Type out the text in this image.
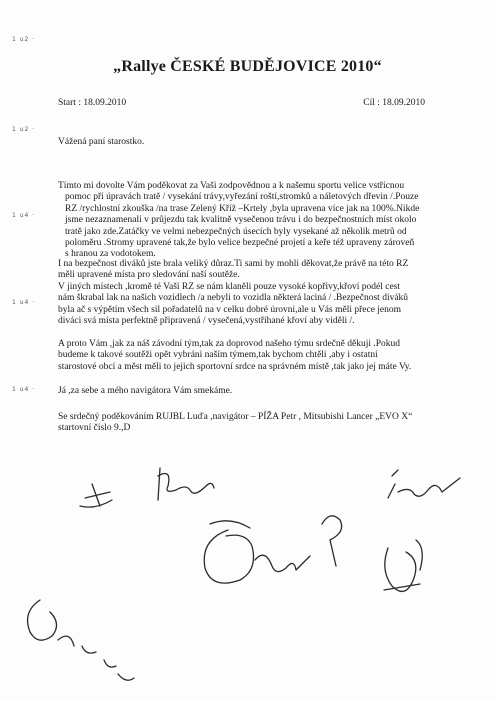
1 u2 ·
1 u2 ·
1 u4 ·
1 u4 ·
1 u4 ·
„Rallye ČESKÉ BUDĚJOVICE 2010“
Start : 18.09.2010	Cíl : 18.09.2010
Vážená paní starostko.
Tímto mi dovolte Vám poděkovat za Vaši zodpovědnou a k našemu sportu velice vstřícnou
pomoc při úpravách tratě / vysekání trávy,vyřezání roští,stromků a náletových dřevin /.Pouze
RZ /rychlostní zkouška /na trase Zelený Kříž –Krtely ,byla upravena více jak na 100%.Nikde
jsme nezaznamenali v průjezdu tak kvalitně vysečenou trávu i do bezpečnostních míst okolo
tratě jako zde.Zatáčky ve velmi nebezpečných úsecích byly vysekané až několik metrů od
poloměru .Stromy upravené tak,že bylo velice bezpečné projetí a keře též upraveny zároveň
s hranou za vodotokem.
I na bezpečnost diváků jste brala veliký důraz.Ti sami by mohli děkovat,že právě na této RZ
měli upravené místa pro sledování naší soutěže.
V jiných místech ,kromě té Vaší RZ se nám klaněli pouze vysoké kopřivy,křoví podél cest
nám škrabal lak na našich vozidlech /a nebyli to vozidla některá laciná / .Bezpečnost diváků
byla ač s výpětím všech sil pořadatelů na v celku dobré úrovni,ale u Vás měli přece jenom
diváci svá místa perfektně připravená / vysečená,vystříhané křoví aby viděli /.
A proto Vám ,jak za náš závodní tým,tak za doprovod našeho týmu srdečně děkuji .Pokud
budeme k takové soutěži opět vybráni naším týmem,tak bychom chtěli ,aby i ostatní
starostové obcí a měst měli to jejich sportovní srdce na správném místě ,tak jako jej máte Vy.
Já ,za sebe a mého navigátora Vám smekáme.
Se srdečný poděkováním RUJBL Luďa ,navigátor – PÍŽA Petr , Mitsubishi Lancer „EVO X“
startovní číslo 9.,D
